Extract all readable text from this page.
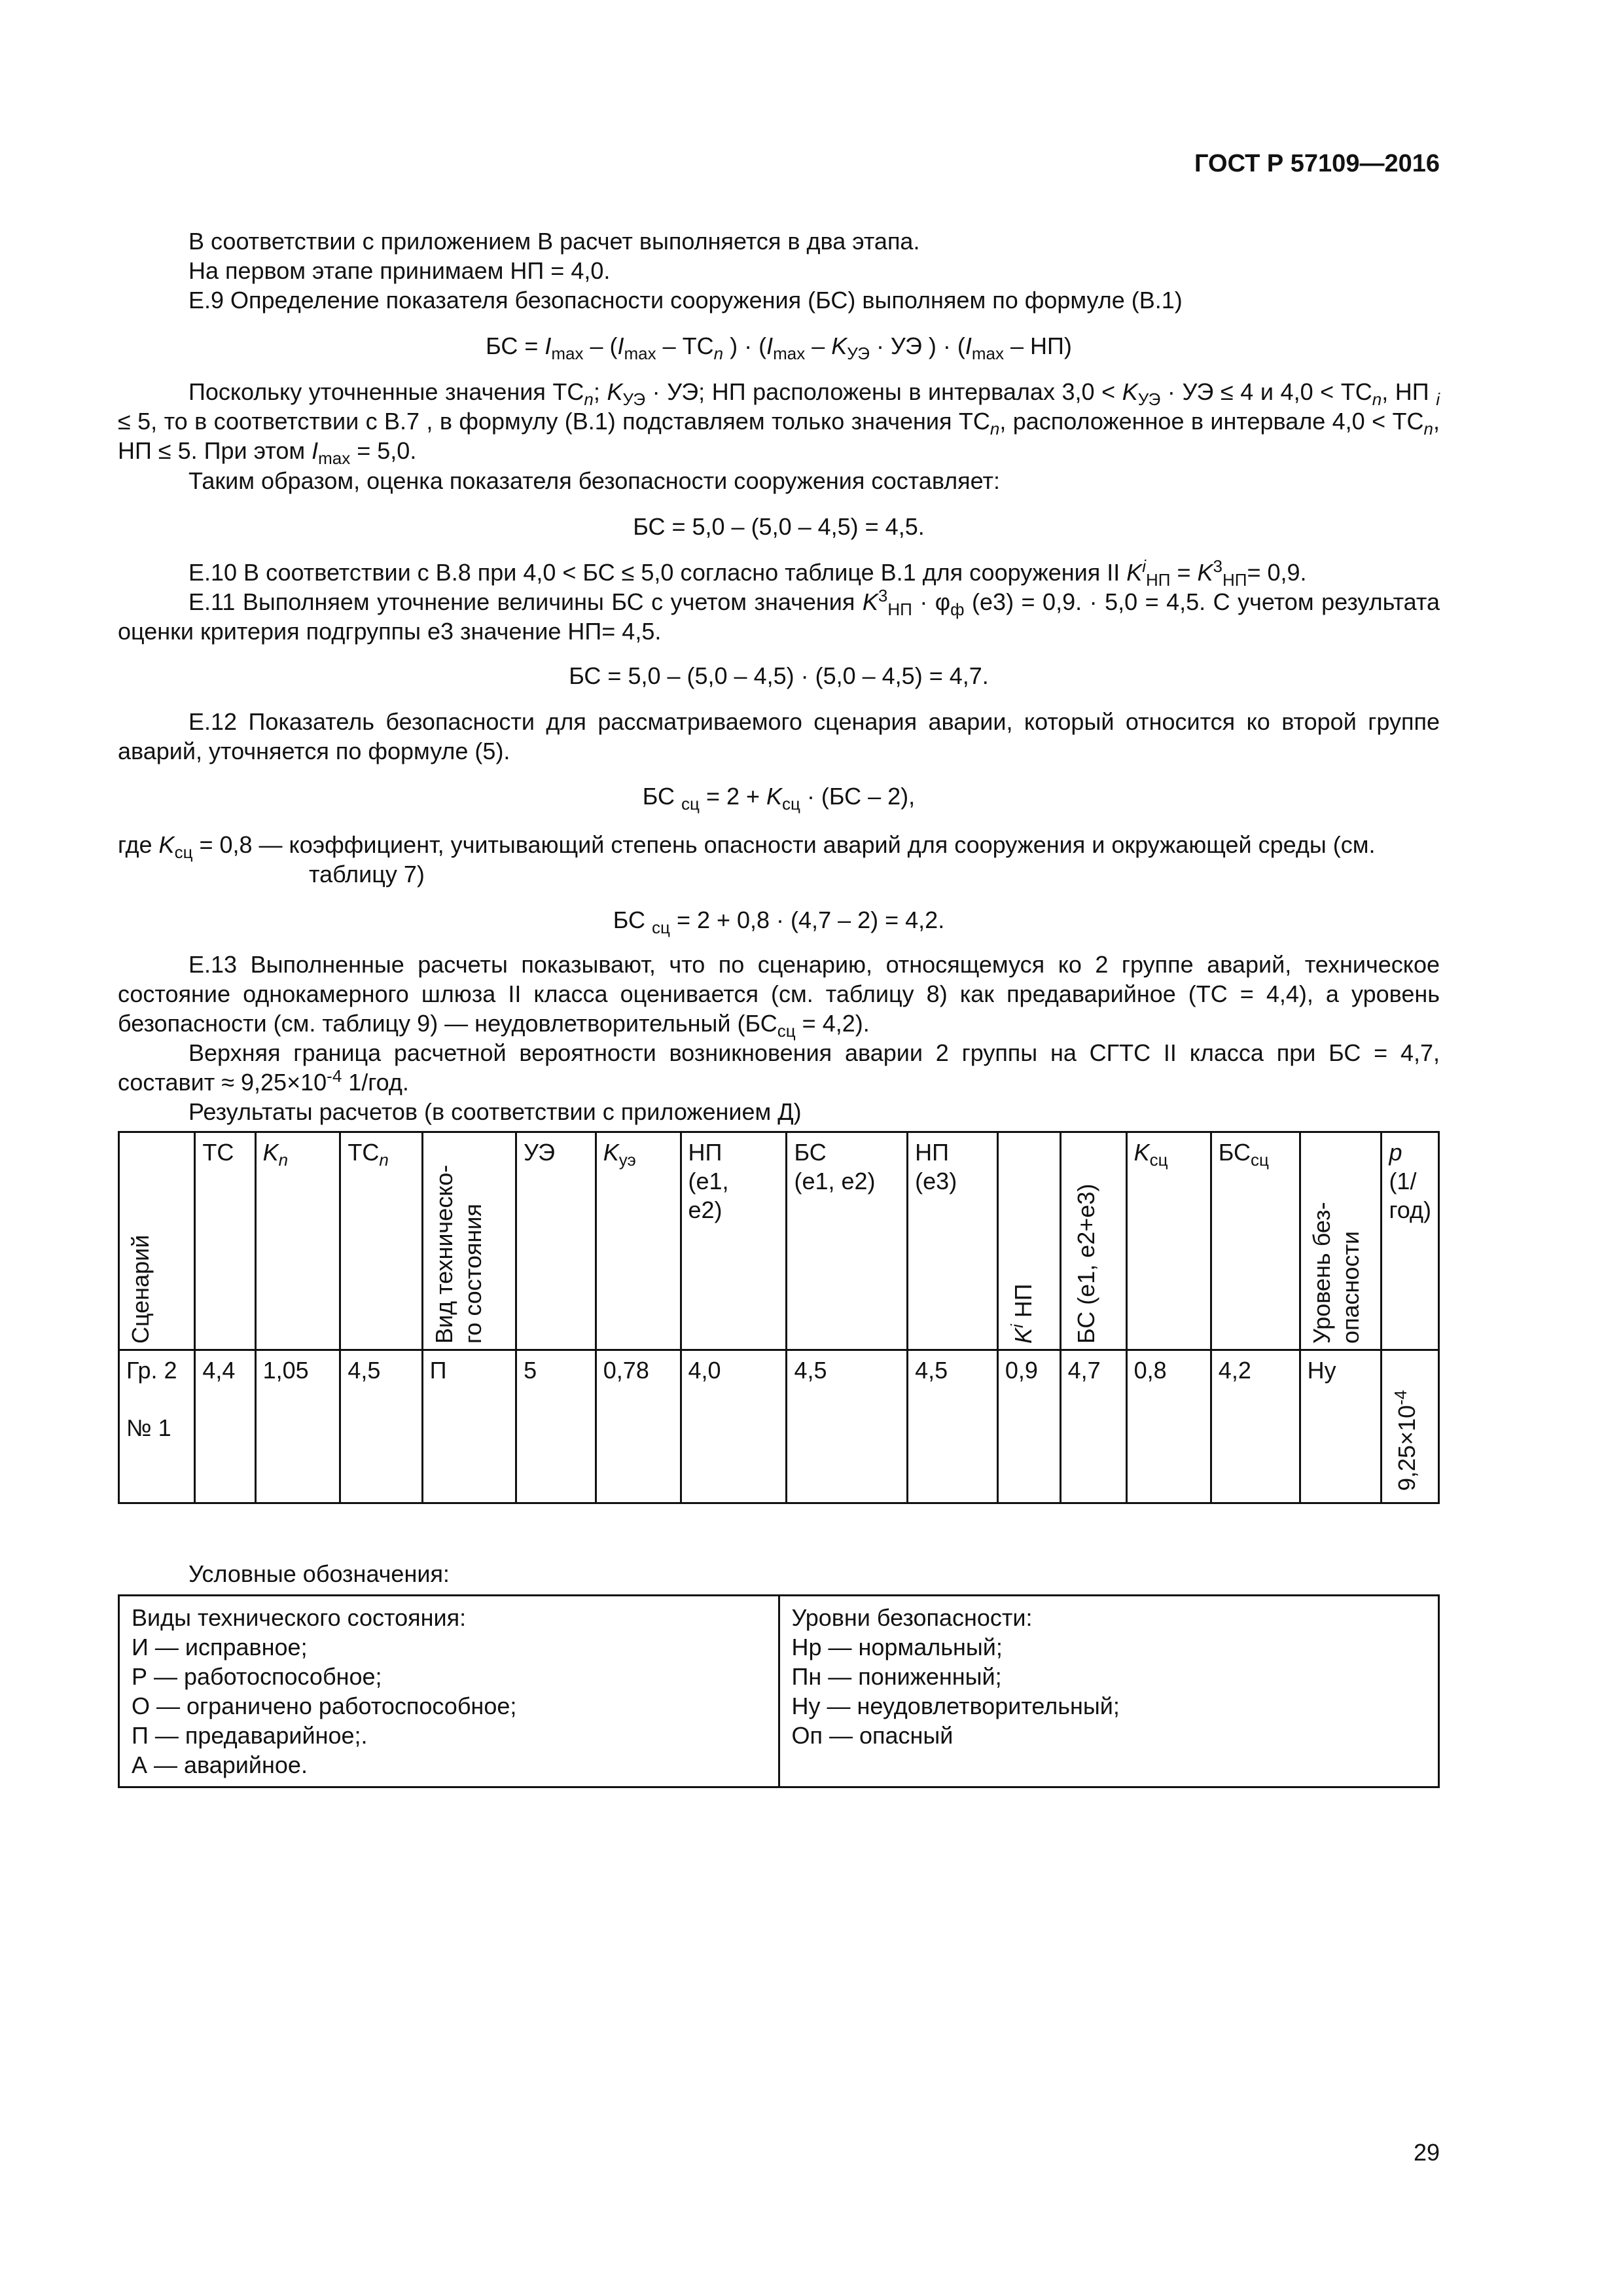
ГОСТ Р 57109—2016
В соответствии с приложением В расчет выполняется в два этапа.
На первом этапе принимаем НП = 4,0.
Е.9 Определение показателя безопасности сооружения (БС) выполняем по формуле (В.1)
БС = $I_{max} - (I_{max} - ТС_n$ ) · ($I_{max} - K_{УЭ}$ · УЭ ) · $(I_{max} - НП)$

Поскольку уточненные значения $ТС_n$; $K_{УЭ}$ · УЭ; НП расположены в интервалах $3,0 < K_{УЭ}$ · УЭ ≤ 4 и $4,0 < ТС_n$, НП $_i$ ≤ 5, то в соответствии с В.7 , в формулу (В.1) подставляем только значения $ТС_n$, расположенное в интервале $4,0 < ТС_n$, НП ≤ 5. При этом $I_{max} = 5,0$.

Таким образом, оценка показателя безопасности сооружения составляет:
БС = 5,0 – (5,0 – 4,5) = 4,5.
Е.10 В соответствии с В.8 при 4,0 < БС ≤ 5,0 согласно таблице В.1 для сооружения II $K^i_{НП} = K^3_{НП}= 0,9$.

Е.11 Выполняем уточнение величины БС с учетом значения $K^3_{НП} \cdot \varphi_ф$ (е3) = 0,9. · 5,0 = 4,5. С учетом результата оценки критерия подгруппы е3 значение НП= 4,5.

БС = 5,0 – (5,0 – 4,5) · (5,0 – 4,5) = 4,7.

Е.12 Показатель безопасности для рассматриваемого сценария аварии, который относится ко второй группе аварий, уточняется по формуле (5).

БС $_{сц} = 2 + K_{сц} \cdot (БС - 2)$,
где $K_{сц} = 0,8$ — коэффициент, учитывающий степень опасности аварий для сооружения и окружающей среды (см.
таблицу 7)
БС $_{сц}$ = 2 + 0,8 · (4,7 – 2) = 4,2.

Е.13 Выполненные расчеты показывают, что по сценарию, относящемуся ко 2 группе аварий, техническое состояние однокамерного шлюза II класса оценивается (см. таблицу 8) как предаварийное (ТС = 4,4), а уровень безопасности (см. таблицу 9) — неудовлетворительный $(БС_{сц} = 4,2)$.

Верхняя граница расчетной вероятности возникновения аварии 2 группы на СГТС II класса при БС = 4,7, составит ≈ $9,25\times 10^{-4}$ 1/год.

Результаты расчетов (в соответствии с приложением Д)
Сценарий	ТС	$K_n$	$ТС_n$	Вид техническо-
го состояния	УЭ	$K_{уэ}$	НП
(е1,
е2)	БС
(е1, е2)	НП
(е3)	$K^i$ НП	БС (е1, е2+е3)	$K_{сц}$	$БС_{сц}$	Уровень без-
опасности	p
(1/год)
Гр. 2

№ 1	4,4	1,05	4,5	П	5	0,78	4,0	4,5	4,5	0,9	4,7	0,8	4,2	Ну	$9,25\times 10^{-4}$
Условные обозначения:
Виды технического состояния:
И — исправное;
Р — работоспособное;
О — ограничено работоспособное;
П — предаварийное;.
А — аварийное.

Уровни безопасности:
Нр — нормальный;
Пн — пониженный;
Ну — неудовлетворительный;
Оп — опасный
29
